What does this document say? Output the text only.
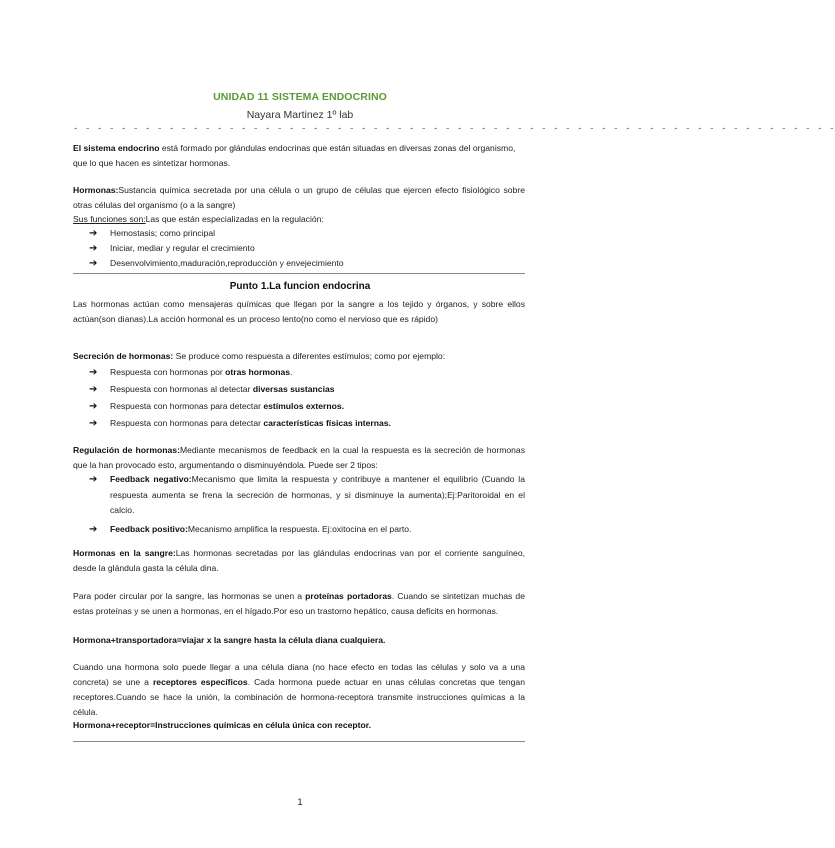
UNIDAD 11 SISTEMA ENDOCRINO
Nayara Martinez 1º lab
- - - - - - - - - - - - - - - - - - - - - - - - - - - - - - - - - - - - - - - - - - - - - - - - - - - - - - - - - - - - - - - -
El sistema endocrino está formado por glándulas endocrinas que están situadas en diversas zonas del organismo, que lo que hacen es sintetizar hormonas.
Hormonas:Sustancia química secretada por una célula o un grupo de células que ejercen efecto fisiológico sobre otras células del organismo (o a la sangre)
Sus funciones son:Las que están especializadas en la regulación:
➔ Hemostasis; como principal
➔ Iniciar, mediar y regular el crecimiento
➔ Desenvolvimiento,maduración,reproducción y envejecimiento
Punto 1.La funcion endocrina
Las hormonas actúan como mensajeras químicas que llegan por la sangre a los tejido y órganos, y sobre ellos actúan(son dianas).La acción hormonal es un proceso lento(no como el nervioso que es rápido)
Secreción de hormonas: Se produce como respuesta a diferentes estímulos; como por ejemplo:
➔ Respuesta con hormonas por otras hormonas.
➔ Respuesta con hormonas al detectar diversas sustancias
➔ Respuesta con hormonas para detectar estímulos externos.
➔ Respuesta con hormonas para detectar características físicas internas.
Regulación de hormonas:Mediante mecanismos de feedback en la cual la respuesta es la secreción de hormonas que la han provocado esto, argumentando o disminuyéndola. Puede ser 2 tipos:
➔ Feedback negativo:Mecanismo que limita la respuesta y contribuye a mantener el equilibrio (Cuando la respuesta aumenta se frena la secreción de hormonas, y si disminuye la aumenta);Ej:Paritoroidal en el calcio.
➔ Feedback positivo:Mecanismo amplifica la respuesta. Ej:oxitocina en el parto.
Hormonas en la sangre:Las hormonas secretadas por las glándulas endocrinas van por el corriente sanguíneo, desde la glándula gasta la célula dina.
Para poder circular por la sangre, las hormonas se unen a proteínas portadoras. Cuando se sintetizan muchas de estas proteínas y se unen a hormonas, en el hígado.Por eso un trastorno hepático, causa deficits en hormonas.
Hormona+transportadora=viajar x la sangre hasta la célula diana cualquiera.
Cuando una hormona solo puede llegar a una célula diana (no hace efecto en todas las células y solo va a una concreta) se une a receptores específicos. Cada hormona puede actuar en unas células concretas que tengan receptores.Cuando se hace la unión, la combinación de hormona-receptora transmite instrucciones químicas a la célula.
Hormona+receptor=Instrucciones químicas en célula única con receptor.
1
